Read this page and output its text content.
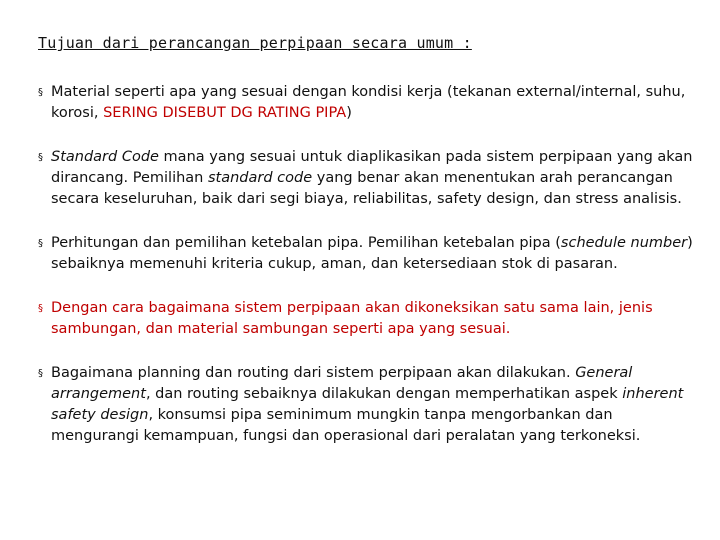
Tujuan dari perancangan perpipaan secara umum :
§ Material seperti apa yang sesuai dengan kondisi kerja (tekanan external/internal, suhu, korosi, SERING DISEBUT DG RATING PIPA)
§ Standard Code mana yang sesuai untuk diaplikasikan pada sistem perpipaan yang akan dirancang. Pemilihan standard code yang benar akan menentukan arah perancangan secara keseluruhan, baik dari segi biaya, reliabilitas, safety design, dan stress analisis.
§ Perhitungan dan pemilihan ketebalan pipa. Pemilihan ketebalan pipa (schedule number) sebaiknya memenuhi kriteria cukup, aman, dan ketersediaan stok di pasaran.
§ Dengan cara bagaimana sistem perpipaan akan dikoneksikan satu sama lain, jenis sambungan, dan material sambungan seperti apa yang sesuai.
§ Bagaimana planning dan routing dari sistem perpipaan akan dilakukan. General arrangement, dan routing sebaiknya dilakukan dengan memperhatikan aspek inherent safety design, konsumsi pipa seminimum mungkin tanpa mengorbankan dan mengurangi kemampuan, fungsi dan operasional dari peralatan yang terkoneksi.
